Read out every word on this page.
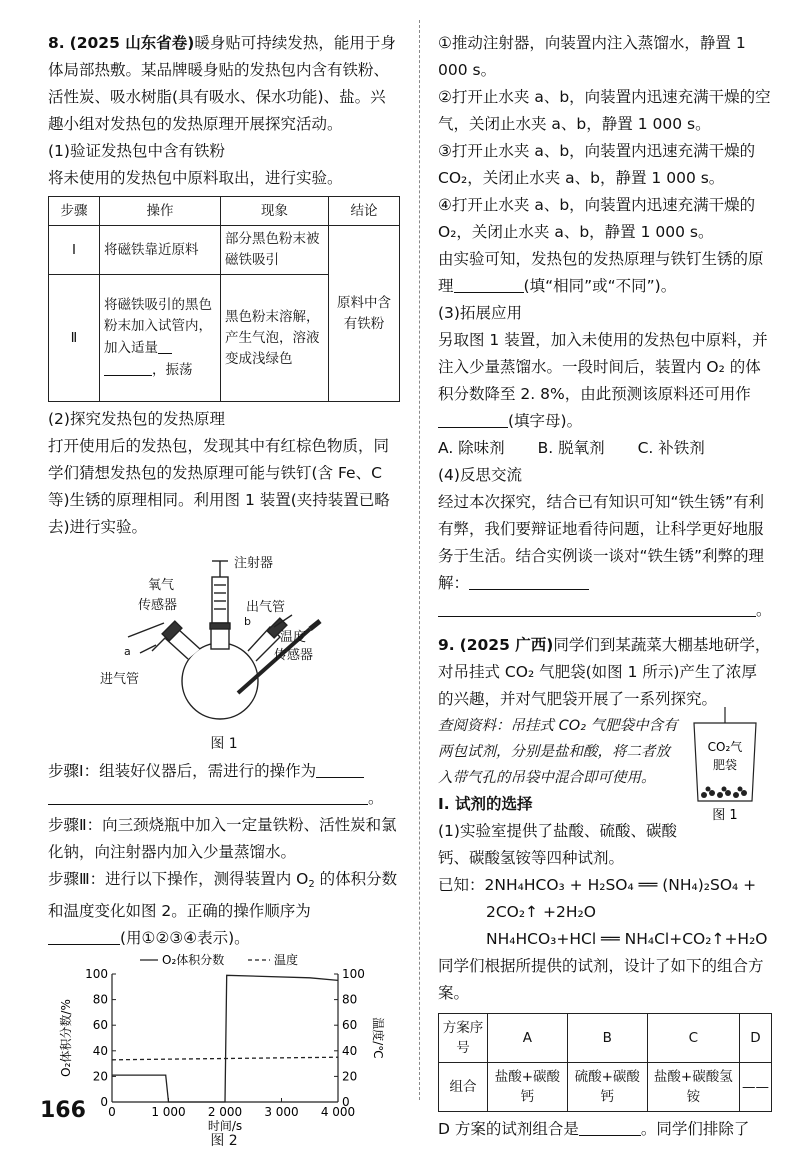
8. (2025 山东省卷)暖身贴可持续发热，能用于身体局部热敷。某品牌暖身贴的发热包内含有铁粉、活性炭、吸水树脂(具有吸水、保水功能)、盐。兴趣小组对发热包的发热原理开展探究活动。

(1)验证发热包中含有铁粉

将未使用的发热包中原料取出，进行实验。

步骤	操作	现象	结论
Ⅰ	将磁铁靠近原料	部分黑色粉末被磁铁吸引	原料中含有铁粉
Ⅱ	将磁铁吸引的黑色粉末加入试管内，加入适量
，振荡	黑色粉末溶解，产生气泡，溶液变成浅绿色	

(2)探究发热包的发热原理

打开使用后的发热包，发现其中有红棕色物质，同学们猜想发热包的发热原理可能与铁钉(含 Fe、C 等)生锈的原理相同。利用图 1 装置(夹持装置已略去)进行实验。

注射器
氧气
传感器	出气管
温度
传感器
进气管
a
b
图 1

步骤Ⅰ：组装好仪器后，需进行的操作为
。

步骤Ⅱ：向三颈烧瓶中加入一定量铁粉、活性炭和氯化钠，向注射器内加入少量蒸馏水。

步骤Ⅲ：进行以下操作，测得装置内 $O_2$ 的体积分数和温度变化如图 2。正确的操作顺序为
(用①②③④表示)。

O₂体积分数	温度
0	0
20	20
40	40
60	60
80	80
100	100
0	1 000 2 000 3 000 4 000
时间/s
O₂体积分数/%	温度/℃
图 2
166

①推动注射器，向装置内注入蒸馏水，静置 1 000 s。

②打开止水夹 a、b，向装置内迅速充满干燥的空气，关闭止水夹 a、b，静置 1 000 s。

③打开止水夹 a、b，向装置内迅速充满干燥的 CO₂，关闭止水夹 a、b，静置 1 000 s。

④打开止水夹 a、b，向装置内迅速充满干燥的 O₂，关闭止水夹 a、b，静置 1 000 s。

由实验可知，发热包的发热原理与铁钉生锈的原理	(填“相同”或“不同”)。

(3)拓展应用

另取图 1 装置，加入未使用的发热包中原料，并注入少量蒸馏水。一段时间后，装置内 O₂ 的体积分数降至 2. 8%，由此预测该原料还可用作
(填字母)。

A. 除味剂 B. 脱氧剂 C. 补铁剂

(4)反思交流

经过本次探究，结合已有知识可知“铁生锈”有利有弊，我们要辩证地看待问题，让科学更好地服务于生活。结合实例谈一谈对“铁生锈”利弊的理解：
。

9. (2025 广西)同学们到某蔬菜大棚基地研学，对吊挂式 CO₂ 气肥袋(如图 1 所示)产生了浓厚的兴趣，并对气肥袋开展了一系列探究。

查阅资料：吊挂式 CO₂ 气肥袋中含有两包试剂，分别是盐和酸，将二者放入带气孔的吊袋中混合即可使用。
CO₂气
肥袋
图 1

Ⅰ. 试剂的选择

(1)实验室提供了盐酸、硫酸、碳酸钙、碳酸氢铵等四种试剂。

已知：2NH₄HCO₃ + H₂SO₄ ══ (NH₄)₂SO₄ +

2CO₂↑ +2H₂O

NH₄HCO₃+HCl ══ NH₄Cl+CO₂↑+H₂O

同学们根据所提供的试剂，设计了如下的组合方案。

方案序号	A	B	C	D
组合	盐酸+碳酸钙	硫酸+碳酸钙	盐酸+碳酸氢铵	——

D 方案的试剂组合是	。同学们排除了
